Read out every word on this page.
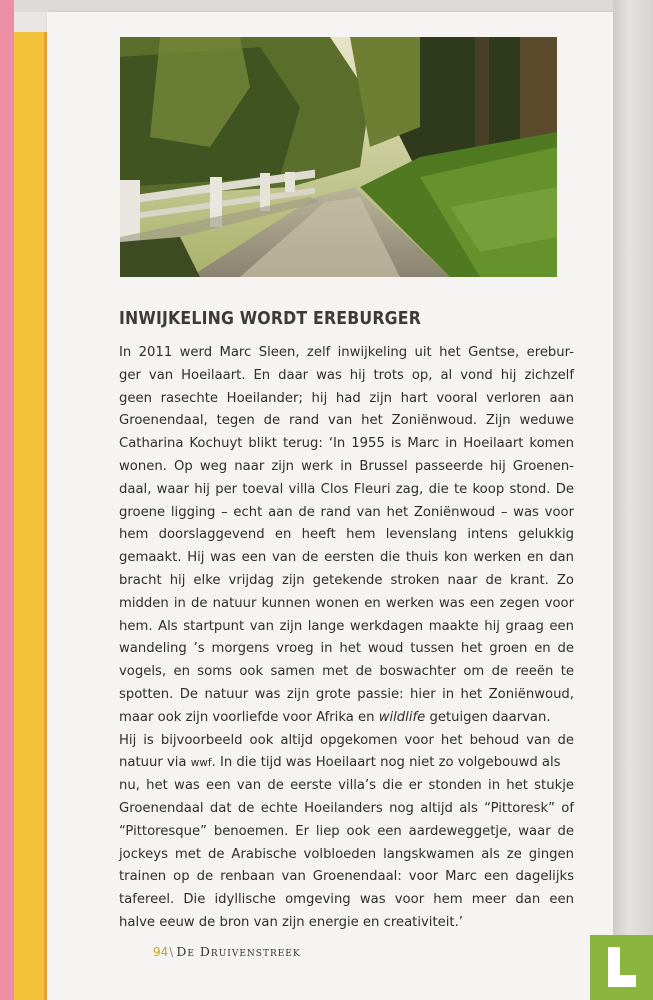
INWIJKELING WORDT EREBURGER
In 2011 werd Marc Sleen, zelf inwijkeling uit het Gentse, erebur-
ger van Hoeilaart. En daar was hij trots op, al vond hij zichzelf
geen rasechte Hoeilander; hij had zijn hart vooral verloren aan
Groenendaal, tegen de rand van het Zoniënwoud. Zijn weduwe
Catharina Kochuyt blikt terug: ‘In 1955 is Marc in Hoeilaart komen
wonen. Op weg naar zijn werk in Brussel passeerde hij Groenen-
daal, waar hij per toeval villa Clos Fleuri zag, die te koop stond. De
groene ligging – echt aan de rand van het Zoniënwoud – was voor
hem doorslaggevend en heeft hem levenslang intens gelukkig
gemaakt. Hij was een van de eersten die thuis kon werken en dan
bracht hij elke vrijdag zijn getekende stroken naar de krant. Zo
midden in de natuur kunnen wonen en werken was een zegen voor
hem. Als startpunt van zijn lange werkdagen maakte hij graag een
wandeling ’s morgens vroeg in het woud tussen het groen en de
vogels, en soms ook samen met de boswachter om de reeën te
spotten. De natuur was zijn grote passie: hier in het Zoniënwoud,
maar ook zijn voorliefde voor Afrika en wildlife getuigen daarvan.
Hij is bijvoorbeeld ook altijd opgekomen voor het behoud van de
natuur via wwf. In die tijd was Hoeilaart nog niet zo volgebouwd als
nu, het was een van de eerste villa’s die er stonden in het stukje
Groenendaal dat de echte Hoeilanders nog altijd als “Pittoresk” of
“Pittoresque” benoemen. Er liep ook een aardeweggetje, waar de
jockeys met de Arabische volbloeden langskwamen als ze gingen
trainen op de renbaan van Groenendaal: voor Marc een dagelijks
tafereel. Die idyllische omgeving was voor hem meer dan een
halve eeuw de bron van zijn energie en creativiteit.’
94\ De Druivenstreek
